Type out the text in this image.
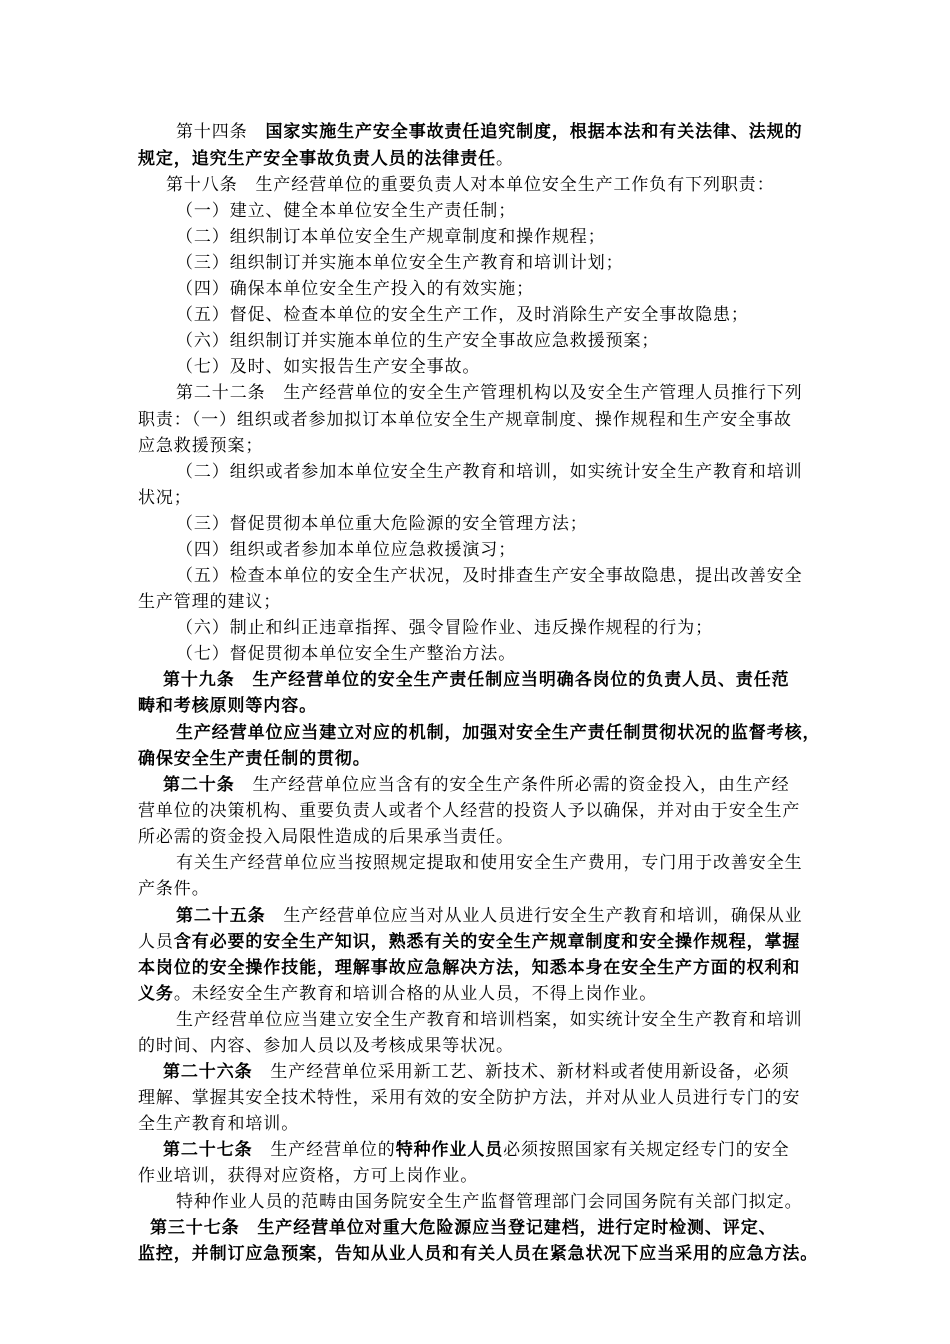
第十四条　国家实施生产安全事故责任追究制度，根据本法和有关法律、法规的
规定，追究生产安全事故负责人员的法律责任。
第十八条　生产经营单位的重要负责人对本单位安全生产工作负有下列职责：
（一）建立、健全本单位安全生产责任制；
（二）组织制订本单位安全生产规章制度和操作规程；
（三）组织制订并实施本单位安全生产教育和培训计划；
（四）确保本单位安全生产投入的有效实施；
（五）督促、检查本单位的安全生产工作，及时消除生产安全事故隐患；
（六）组织制订并实施本单位的生产安全事故应急救援预案；
（七）及时、如实报告生产安全事故。
第二十二条　生产经营单位的安全生产管理机构以及安全生产管理人员推行下列
职责：（一）组织或者参加拟订本单位安全生产规章制度、操作规程和生产安全事故
应急救援预案；
（二）组织或者参加本单位安全生产教育和培训，如实统计安全生产教育和培训
状况；
（三）督促贯彻本单位重大危险源的安全管理方法；
（四）组织或者参加本单位应急救援演习；
（五）检查本单位的安全生产状况，及时排查生产安全事故隐患，提出改善安全
生产管理的建议；
（六）制止和纠正违章指挥、强令冒险作业、违反操作规程的行为；
（七）督促贯彻本单位安全生产整治方法。
第十九条　生产经营单位的安全生产责任制应当明确各岗位的负责人员、责任范
畴和考核原则等内容。
生产经营单位应当建立对应的机制，加强对安全生产责任制贯彻状况的监督考核，
确保安全生产责任制的贯彻。
第二十条　生产经营单位应当含有的安全生产条件所必需的资金投入，由生产经
营单位的决策机构、重要负责人或者个人经营的投资人予以确保，并对由于安全生产
所必需的资金投入局限性造成的后果承当责任。
有关生产经营单位应当按照规定提取和使用安全生产费用，专门用于改善安全生
产条件。
第二十五条　生产经营单位应当对从业人员进行安全生产教育和培训，确保从业
人员含有必要的安全生产知识，熟悉有关的安全生产规章制度和安全操作规程，掌握
本岗位的安全操作技能，理解事故应急解决方法，知悉本身在安全生产方面的权利和
义务。未经安全生产教育和培训合格的从业人员，不得上岗作业。
生产经营单位应当建立安全生产教育和培训档案，如实统计安全生产教育和培训
的时间、内容、参加人员以及考核成果等状况。
第二十六条　生产经营单位采用新工艺、新技术、新材料或者使用新设备，必须
理解、掌握其安全技术特性，采用有效的安全防护方法，并对从业人员进行专门的安
全生产教育和培训。
第二十七条　生产经营单位的特种作业人员必须按照国家有关规定经专门的安全
作业培训，获得对应资格，方可上岗作业。
特种作业人员的范畴由国务院安全生产监督管理部门会同国务院有关部门拟定。
第三十七条　生产经营单位对重大危险源应当登记建档，进行定时检测、评定、
监控，并制订应急预案，告知从业人员和有关人员在紧急状况下应当采用的应急方法。
